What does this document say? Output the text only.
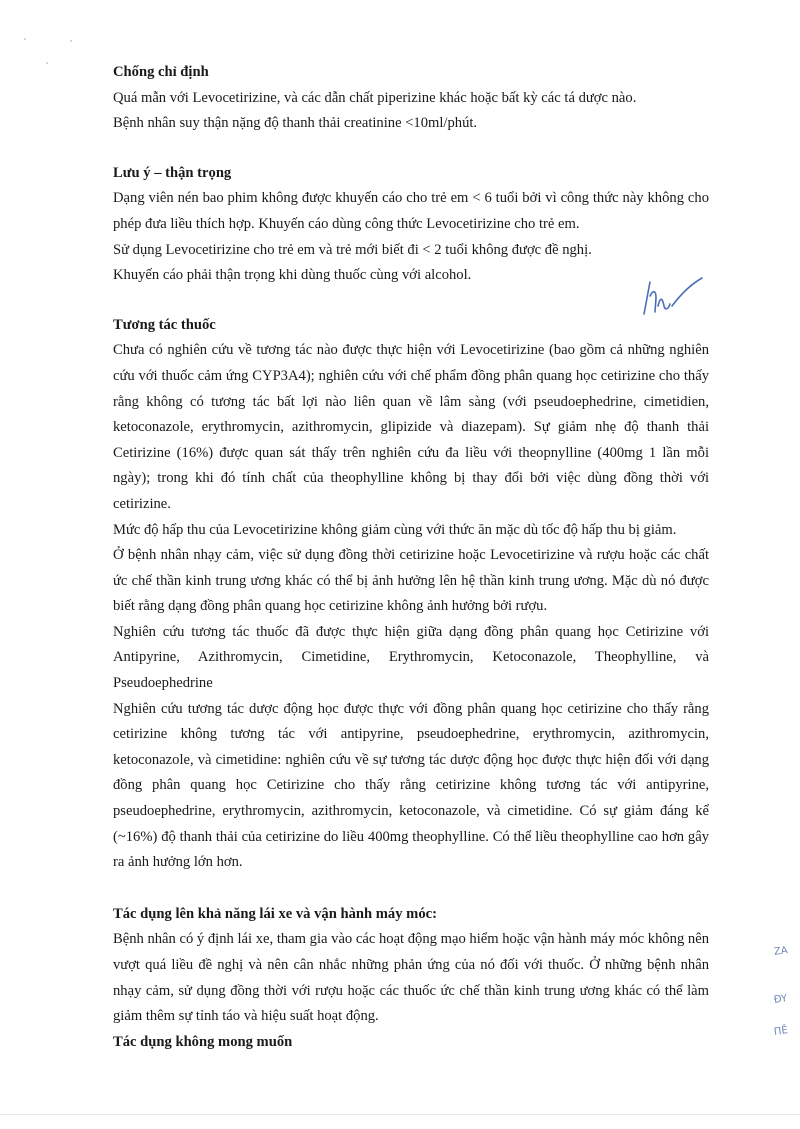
Chống chỉ định

Quá mẫn với Levocetirizine, và các dẫn chất piperizine khác hoặc bất kỳ các tá dược nào.

Bệnh nhân suy thận nặng độ thanh thải creatinine <10ml/phút.

Lưu ý – thận trọng

Dạng viên nén bao phim không được khuyến cáo cho trẻ em < 6 tuổi bởi vì công thức này không cho phép đưa liều thích hợp. Khuyến cáo dùng công thức Levocetirizine cho trẻ em.

Sử dụng Levocetirizine cho trẻ em và trẻ mới biết đi < 2 tuổi không được đề nghị.

Khuyến cáo phải thận trọng khi dùng thuốc cùng với alcohol.

Tương tác thuốc

Chưa có nghiên cứu về tương tác nào được thực hiện với Levocetirizine (bao gồm cả những nghiên cứu với thuốc cảm ứng CYP3A4); nghiên cứu với chế phẩm đồng phân quang học cetirizine cho thấy rằng không có tương tác bất lợi nào liên quan về lâm sàng (với pseudoephedrine, cimetidien, ketoconazole, erythromycin, azithromycin, glipizide và diazepam). Sự giảm nhẹ độ thanh thải Cetirizine (16%) được quan sát thấy trên nghiên cứu đa liều với theopnylline (400mg 1 lần mỗi ngày); trong khi đó tính chất của theophylline không bị thay đổi bởi việc dùng đồng thời với cetirizine.

Mức độ hấp thu của Levocetirizine không giảm cùng với thức ăn mặc dù tốc độ hấp thu bị giảm.

Ở bệnh nhân nhạy cảm, việc sử dụng đồng thời cetirizine hoặc Levocetirizine và rượu hoặc các chất ức chế thần kinh trung ương khác có thể bị ảnh hưởng lên hệ thần kinh trung ương. Mặc dù nó được biết rằng dạng đồng phân quang học cetirizine không ảnh hưởng bởi rượu.

Nghiên cứu tương tác thuốc đã được thực hiện giữa dạng đồng phân quang học Cetirizine với Antipyrine, Azithromycin, Cimetidine, Erythromycin, Ketoconazole, Theophylline, và Pseudoephedrine

Nghiên cứu tương tác dược động học được thực với đồng phân quang học cetirizine cho thấy rằng cetirizine không tương tác với antipyrine, pseudoephedrine, erythromycin, azithromycin, ketoconazole, và cimetidine: nghiên cứu về sự tương tác dược động học được thực hiện đối với dạng đồng phân quang học Cetirizine cho thấy rằng cetirizine không tương tác với antipyrine, pseudoephedrine, erythromycin, azithromycin, ketoconazole, và cimetidine. Có sự giảm đáng kể (~16%) độ thanh thải của cetirizine do liều 400mg theophylline. Có thể liều theophylline cao hơn gây ra ảnh hưởng lớn hơn.

Tác dụng lên khả năng lái xe và vận hành máy móc:

Bệnh nhân có ý định lái xe, tham gia vào các hoạt động mạo hiểm hoặc vận hành máy móc không nên vượt quá liều đề nghị và nên cân nhắc những phản ứng của nó đối với thuốc. Ở những bệnh nhân nhạy cảm, sử dụng đồng thời với rượu hoặc các thuốc ức chế thần kinh trung ương khác có thể làm giảm thêm sự tỉnh táo và hiệu suất hoạt động.

Tác dụng không mong muốn
ZA
ĐY
ΠĒ
